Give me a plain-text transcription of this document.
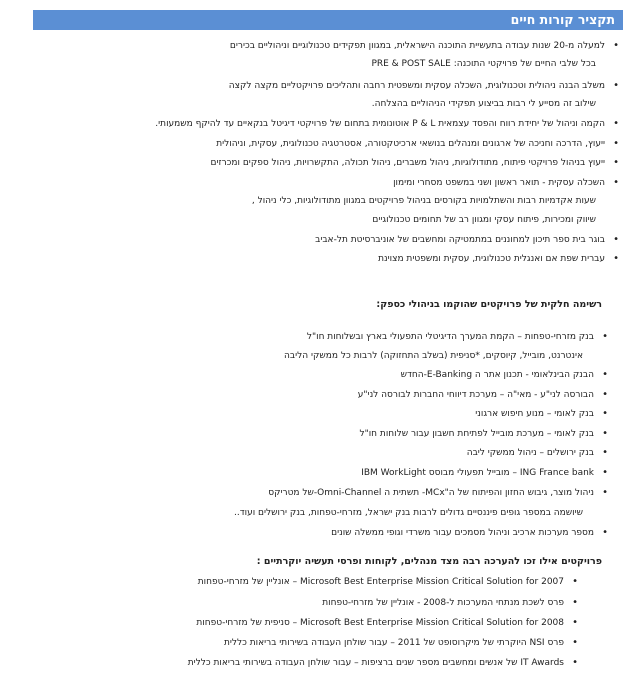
תקציר קורות חיים
• למעלה מ-20 שנות עבודה בתעשיית התוכנה הישראלית, במגוון תפקידים טכנולוגיים וניהוליים בכירים
בכל שלבי החיים של פרויקטי התוכנה: PRE & POST SALE
• משלב הבנה ניהולית וטכנולוגית, השכלה עסקית ומשפטית רחבה ותהליכים פרויקטליים מקצה לקצה
שילוב זה מסייע לי רבות בביצוע תפקידי הניהוליים בהצלחה.
• הקמה וניהול של יחידת רווח והפסד עצמאית P & L אוטונומית בתחום של פרויקטי דיגיטל בנקאיים עד להיקף משמעותי.
• ייעוץ, הדרכה וחניכה של ארגונים ומנהלים בנושאי ארכיטקטורה, אסטרטגיה טכנולוגית, עסקית, וניהולית
• ייעוץ בניהול פרויקטי פיתוח, מתודולוגיות, ניהול משברים, ניהול תכולה, התקשרויות, ניהול ספקים ומכרזים
• השכלה עסקית - תואר ראשון ושני במשפט מסחרי ומימון
שעות אקדמיות רבות והשתלמויות בקורסים בניהול פרויקטים במגוון מתודולוגיות, כלי ניהול ,
שיווק ומכירות, פיתוח עסקי ומגוון רב של תחומים טכנולוגיים
• בוגר בית ספר תיכון למחוננים במתמטיקה ומחשבים של אוניברסיטת תל-אביב
• עברית שפת אם ואנגלית טכנולוגית, עסקית ומשפטית מצוינת
רשימה חלקית של פרויקטים שהוקמו בניהולי כספק:
• בנק מזרחי-טפחות – הקמת המערך הדיגיטלי התפעולי בארץ ובשלוחות חו"ל
אינטרנט, מובייל, קיוסקים, *סניפית (בשלב התחזוקה) לרבות כל ממשקי הליבה
• הבנק הבינלאומי - תכנון אתר ה E-Banking-החדש
• הבורסה לני"ע - מאי"ה – מערכת דיווחי החברות לבורסה לני"ע
• בנק לאומי – מנוע חיפוש ארגוני
• בנק לאומי – מערכת מובייל לפתיחת חשבון עבור שלוחות חו"ל
• בנק ירושלים – ניהול ממשקי ליבה
• ING France bank – מובייל תפעולי מבוסס IBM WorkLight
• ניהול מוצר, גיבוש החזון והפיתוח של ה"MCx- תשתית ה Omni-Channel-של מטריקס
שיושמה במספר גופים פיננסיים גדולים לרבות בנק ישראל, מזרחי-טפחות, בנק ירושלים ועוד..
• מספר מערכות ארכיב וניהול מסמכים עבור משרדי וגופי ממשלה שונים
פרויקטים אילו זכו להערכה רבה מצד מנהלים, לקוחות ופרסי תעשיה יוקרתיים :
• Microsoft Best Enterprise Mission Critical Solution for 2007 – אונליין של מזרחי-טפחות
• פרס לשכת מנתחי המערכות ל-2008 - אונליין של מזרחי-טפחות
• Microsoft Best Enterprise Mission Critical Solution for 2008 – סניפית של מזרחי-טפחות
• פרס NSI היוקרתי של מיקרוסופט של 2011 – עבור שולחן העבודה בשירותי בריאות כללית
• IT Awards של אנשים ומחשבים מספר שנים ברציפות – עבור שולחן העבודה בשירותי בריאות כללית
